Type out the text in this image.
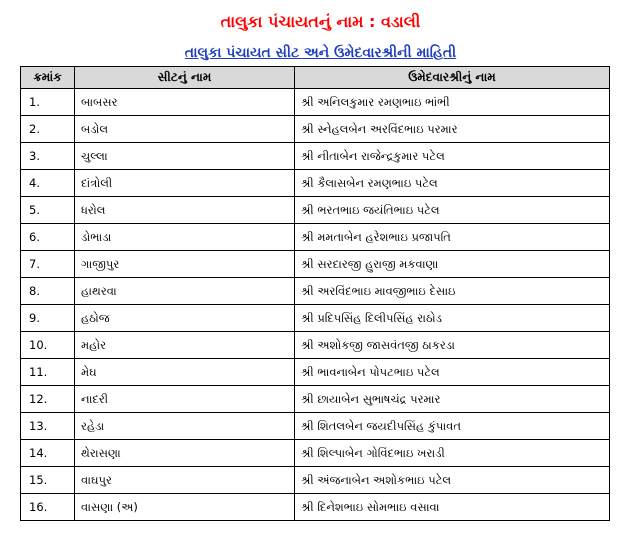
તાલુકા પંચાયતનું નામ : વડાલી
તાલુકા પંચાયત સીટ અને ઉમેદવારશ્રીની માહિતી
ક્રમાંક	સીટનું નામ	ઉમેદવારશ્રીનું નામ
1.	બાબસર	શ્રી અનિલકુમાર રમણભાઇ ભાંભી
2.	બડોલ	શ્રી સ્નેહલબેન અરવિંદભાઇ પરમાર
3.	ચુલ્લા	શ્રી નીતાબેન રાજેન્દ્રકુમાર પટેલ
4.	દાંત્રોલી	શ્રી કૈલાસબેન રમણભાઇ પટેલ
5.	ધરોલ	શ્રી ભરતભાઇ જયંતિભાઇ પટેલ
6.	ડોભાડા	શ્રી મમતાબેન હરેશભાઇ પ્રજાપતિ
7.	ગાજીપુર	શ્રી સરદારજી હુરાજી મકવાણા
8.	હાથરવા	શ્રી અરવિંદભાઇ માવજીભાઇ દેસાઇ
9.	હઠોજ	શ્રી પ્રદિપસિંહ દિલીપસિંહ રાઠોડ
10.	મહોર	શ્રી અશોકજી જાસવંતજી ઠાકરડા
11.	મેઘ	શ્રી ભાવનાબેન પોપટભાઇ પટેલ
12.	નાદરી	શ્રી છાયાબેન સુભાષચંદ્ર પરમાર
13.	રહેડા	શ્રી શિતલબેન જયદીપસિંહ કુંપાવત
14.	થેરાસણા	શ્રી શિલ્પાબેન ગોવિંદભાઇ ખરાડી
15.	વાઘપુર	શ્રી અંજનાબેન અશોકભાઇ પટેલ
16.	વાસણા (અ)	શ્રી દિનેશભાઇ સોમભાઇ વસાવા
